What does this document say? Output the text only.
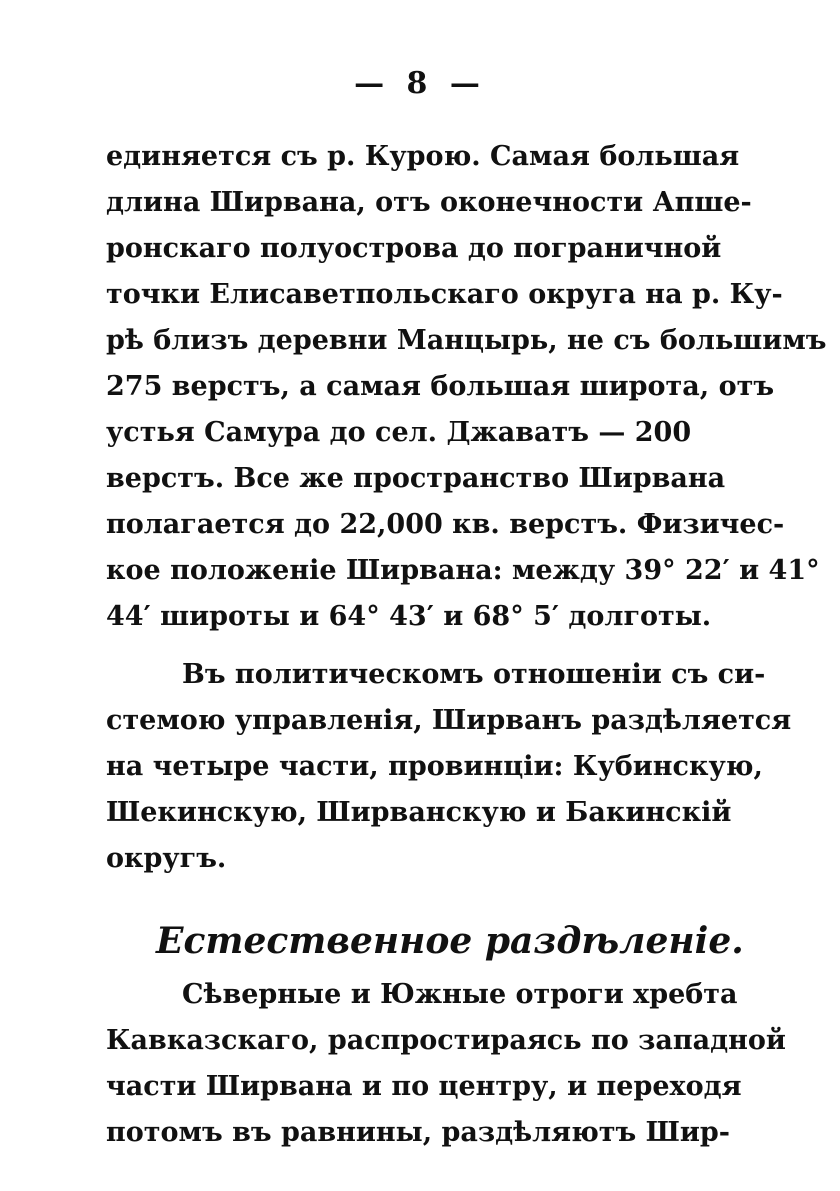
— 8 —
единяется съ р. Курою. Самая большая
длина Ширвана, отъ оконечности Апше-
ронскаго полуострова до пограничной
точки Елисаветпольскаго округа на р. Ку-
рѣ близъ деревни Манцырь, не съ большимъ
275 верстъ, а самая большая широта, отъ
устья Самура до сел. Джаватъ — 200
верстъ. Все же пространство Ширвана
полагается до 22,000 кв. верстъ. Физичес-
кое положеніе Ширвана: между 39° 22′ и 41°
44′ широты и 64° 43′ и 68° 5′ долготы.
Въ политическомъ отношеніи съ си-
стемою управленія, Ширванъ раздѣляется
на четыре части, провинціи: Кубинскую,
Шекинскую, Ширванскую и Бакинскій
округъ.
Естественное раздѣленіе.
Сѣверные и Южные отроги хребта
Кавказскаго, распростираясь по западной
части Ширвана и по центру, и переходя
потомъ въ равнины, раздѣляютъ Шир-
